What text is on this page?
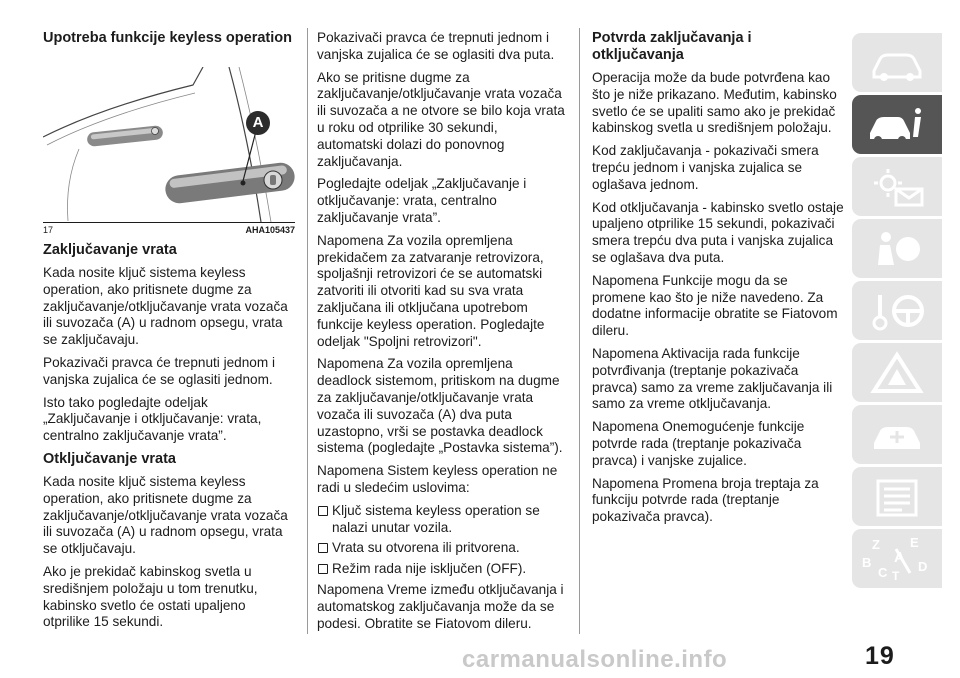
Upotreba funkcije keyless operation
A
17	AHA105437
Zaključavanje vrata

Kada nosite ključ sistema keyless operation, ako pritisnete dugme za zaključavanje/otključavanje vrata vozača ili suvozača (A) u radnom opsegu, vrata se zaključavaju.

Pokazivači pravca će trepnuti jednom i vanjska zujalica će se oglasiti jednom.

Isto tako pogledajte odeljak „Zaključavanje i otključavanje: vrata, centralno zaključavanje vrata”.

Otključavanje vrata

Kada nosite ključ sistema keyless operation, ako pritisnete dugme za zaključavanje/otključavanje vrata vozača ili suvozača (A) u radnom opsegu, vrata se otključavaju.

Ako je prekidač kabinskog svetla u središnjem položaju u tom trenutku, kabinsko svetlo će ostati upaljeno otprilike 15 sekundi.

Pokazivači pravca će trepnuti jednom i vanjska zujalica će se oglasiti dva puta.

Ako se pritisne dugme za zaključavanje/otključavanje vrata vozača ili suvozača a ne otvore se bilo koja vrata u roku od otprilike 30 sekundi, automatski dolazi do ponovnog zaključavanja.

Pogledajte odeljak „Zaključavanje i otključavanje: vrata, centralno zaključavanje vrata”.

Napomena Za vozila opremljena prekidačem za zatvaranje retrovizora, spoljašnji retrovizori će se automatski zatvoriti ili otvoriti kad su sva vrata zaključana ili otključana upotrebom funkcije keyless operation. Pogledajte odeljak "Spoljni retrovizori".

Napomena Za vozila opremljena deadlock sistemom, pritiskom na dugme za zaključavanje/otključavanje vrata vozača ili suvozača (A) dva puta uzastopno, vrši se postavka deadlock sistema (pogledajte „Postavka sistema”).

Napomena Sistem keyless operation ne radi u sledećim uslovima:

Ključ sistema keyless operation se nalazi unutar vozila.
Vrata su otvorena ili pritvorena.
Režim rada nije isključen (OFF).

Napomena Vreme između otključavanja i automatskog zaključavanja može da se podesi. Obratite se Fiatovom dileru.

Potvrda zaključavanja i otključavanja

Operacija može da bude potvrđena kao što je niže prikazano. Međutim, kabinsko svetlo će se upaliti samo ako je prekidač kabinskog svetla u središnjem položaju.

Kod zaključavanja - pokazivači smera trepću jednom i vanjska zujalica se oglašava jednom.

Kod otključavanja - kabinsko svetlo ostaje upaljeno otprilike 15 sekundi, pokazivači smera trepću dva puta i vanjska zujalica se oglašava dva puta.

Napomena Funkcije mogu da se promene kao što je niže navedeno. Za dodatne informacije obratite se Fiatovom dileru.

Napomena Aktivacija rada funkcije potvrđivanja (treptanje pokazivača pravca) samo za vreme zaključavanja ili samo za vreme otključavanja.

Napomena Onemogućenje funkcije potvrde rada (treptanje pokazivača pravca) i vanjske zujalice.

Napomena Promena broja treptaja za funkciju potvrde rada (treptanje pokazivača pravca).

Z E
B A
C T
D
19
carmanualsonline.info
